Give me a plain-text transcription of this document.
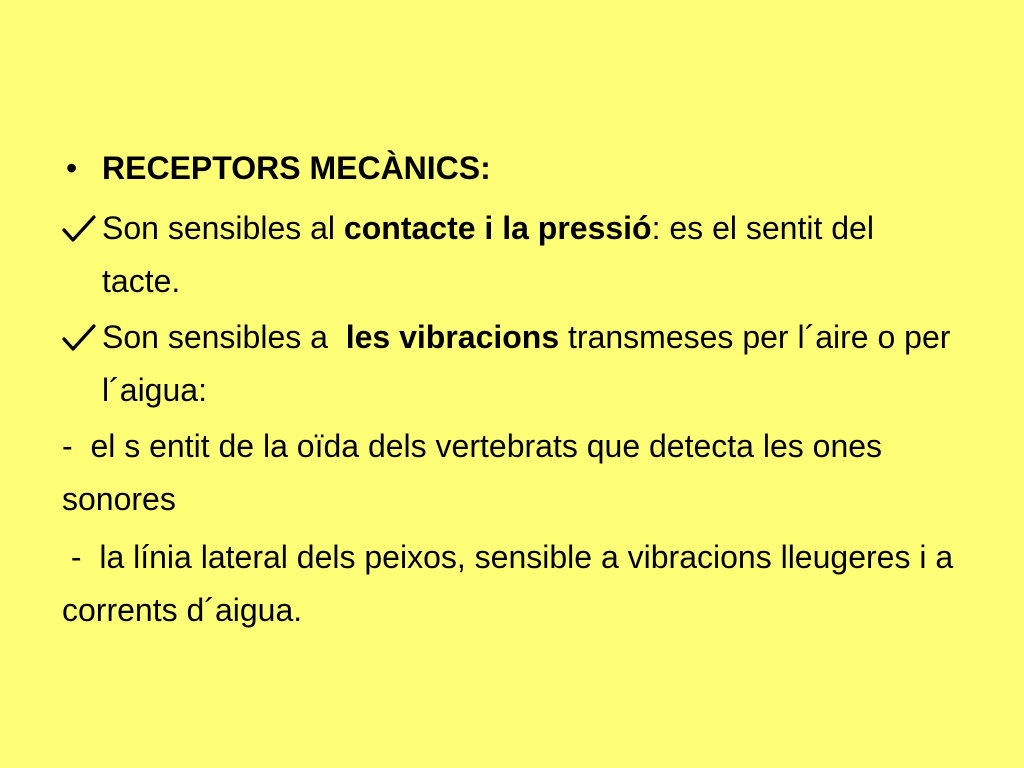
• RECEPTORS MECÀNICS:
Son sensibles al contacte i la pressió: es el sentit del tacte.
Son sensibles a  les vibracions transmeses per l´aire o per l´aigua:
-  el s entit de la oïda dels vertebrats que detecta les ones sonores
-  la línia lateral dels peixos, sensible a vibracions lleugeres i a corrents d´aigua.
